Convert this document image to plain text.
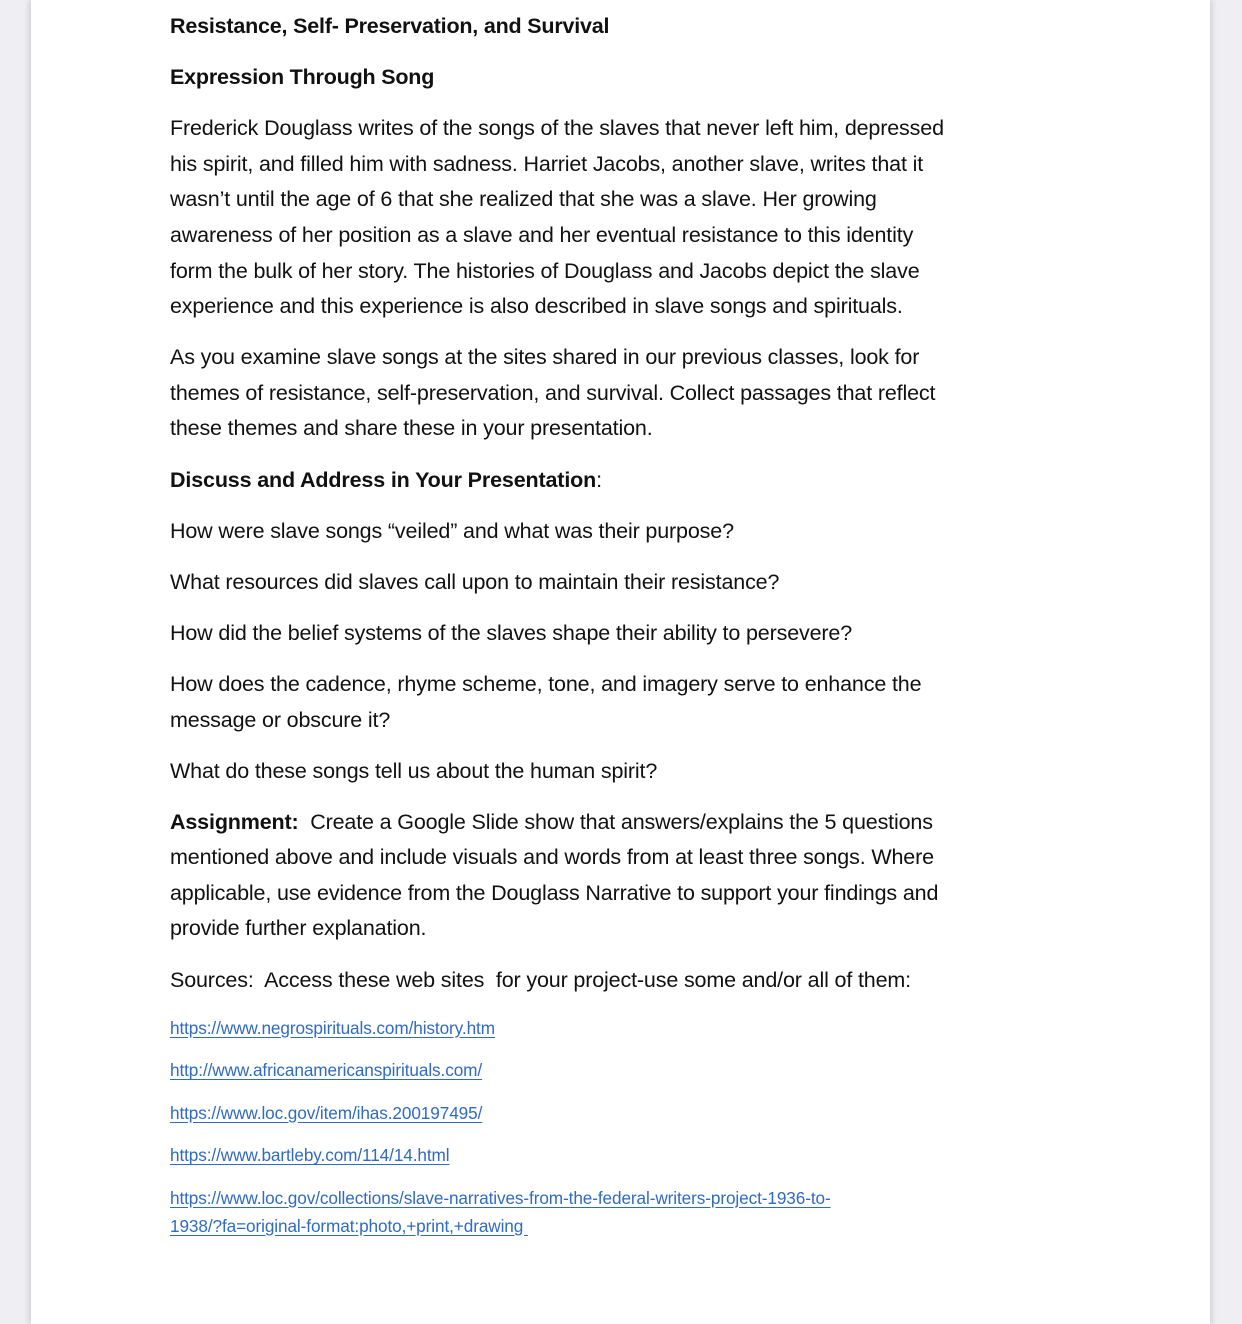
Resistance, Self- Preservation, and Survival
Expression Through Song
Frederick Douglass writes of the songs of the slaves that never left him, depressed
his spirit, and filled him with sadness. Harriet Jacobs, another slave, writes that it
wasn’t until the age of 6 that she realized that she was a slave. Her growing
awareness of her position as a slave and her eventual resistance to this identity
form the bulk of her story. The histories of Douglass and Jacobs depict the slave
experience and this experience is also described in slave songs and spirituals.
As you examine slave songs at the sites shared in our previous classes, look for
themes of resistance, self-preservation, and survival. Collect passages that reflect
these themes and share these in your presentation.
Discuss and Address in Your Presentation:
How were slave songs “veiled” and what was their purpose?
What resources did slaves call upon to maintain their resistance?
How did the belief systems of the slaves shape their ability to persevere?
How does the cadence, rhyme scheme, tone, and imagery serve to enhance the
message or obscure it?
What do these songs tell us about the human spirit?
Assignment:  Create a Google Slide show that answers/explains the 5 questions
mentioned above and include visuals and words from at least three songs. Where
applicable, use evidence from the Douglass Narrative to support your findings and
provide further explanation.
Sources:  Access these web sites  for your project-use some and/or all of them:
https://www.negrospirituals.com/history.htm
http://www.africanamericanspirituals.com/
https://www.loc.gov/item/ihas.200197495/
https://www.bartleby.com/114/14.html
https://www.loc.gov/collections/slave-narratives-from-the-federal-writers-project-1936-to-
1938/?fa=original-format:photo,+print,+drawing
